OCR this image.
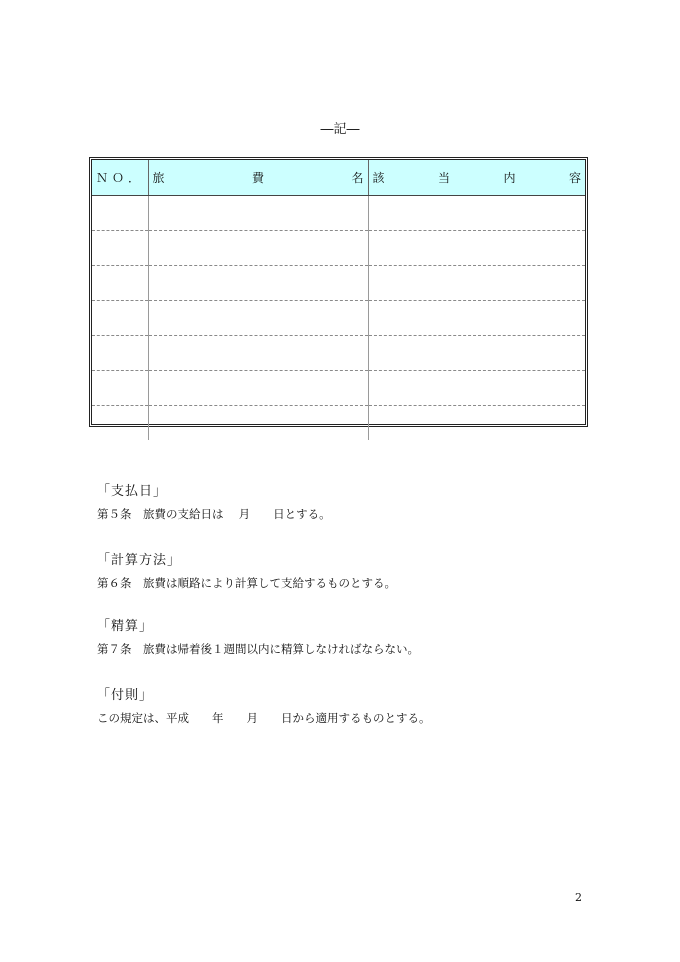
―記―
Ｎ Ｏ ．	旅 費 名	該 当 内 容

「支払日」
第５条　旅費の支給日は　 月　　日とする。
「計算方法」
第６条　旅費は順路により計算して支給するものとする。
「精算」
第７条　旅費は帰着後１週間以内に精算しなければならない。
「付則」
この規定は、平成　　年　　月　　日から適用するものとする。
2
